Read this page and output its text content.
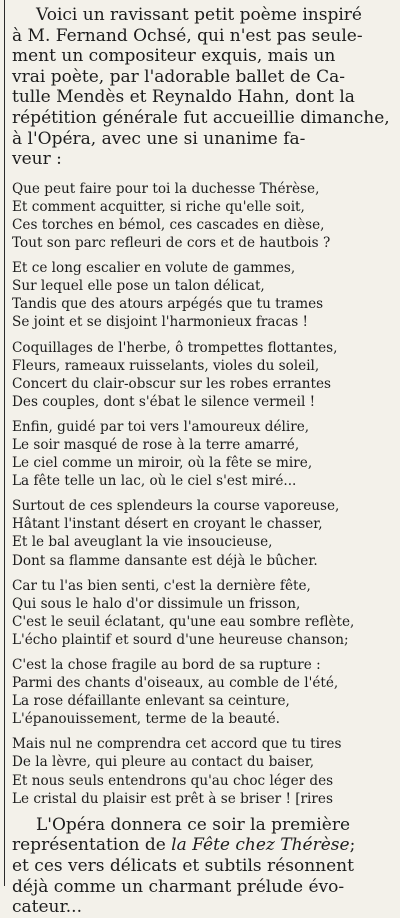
Voici un ravissant petit poème inspiré
à M. Fernand Ochsé, qui n'est pas seule-
ment un compositeur exquis, mais un
vrai poète, par l'adorable ballet de Ca-
tulle Mendès et Reynaldo Hahn, dont la
répétition générale fut accueillie dimanche,
à l'Opéra, avec une si unanime fa-
veur :

Que peut faire pour toi la duchesse Thérèse,
Et comment acquitter, si riche qu'elle soit,
Ces torches en bémol, ces cascades en dièse,
Tout son parc refleuri de cors et de hautbois ?
Et ce long escalier en volute de gammes,
Sur lequel elle pose un talon délicat,
Tandis que des atours arpégés que tu trames
Se joint et se disjoint l'harmonieux fracas !
Coquillages de l'herbe, ô trompettes flottantes,
Fleurs, rameaux ruisselants, violes du soleil,
Concert du clair-obscur sur les robes errantes
Des couples, dont s'ébat le silence vermeil !
Enfin, guidé par toi vers l'amoureux délire,
Le soir masqué de rose à la terre amarré,
Le ciel comme un miroir, où la fête se mire,
La fête telle un lac, où le ciel s'est miré...
Surtout de ces splendeurs la course vaporeuse,
Hâtant l'instant désert en croyant le chasser,
Et le bal aveuglant la vie insoucieuse,
Dont sa flamme dansante est déjà le bûcher.
Car tu l'as bien senti, c'est la dernière fête,
Qui sous le halo d'or dissimule un frisson,
C'est le seuil éclatant, qu'une eau sombre reflète,
L'écho plaintif et sourd d'une heureuse chanson;
C'est la chose fragile au bord de sa rupture :
Parmi des chants d'oiseaux, au comble de l'été,
La rose défaillante enlevant sa ceinture,
L'épanouissement, terme de la beauté.
Mais nul ne comprendra cet accord que tu tires
De la lèvre, qui pleure au contact du baiser,
Et nous seuls entendrons qu'au choc léger des
Le cristal du plaisir est prêt à se briser ! [rires

L'Opéra donnera ce soir la première
représentation de la Fête chez Thérèse;
et ces vers délicats et subtils résonnent
déjà comme un charmant prélude évo-
cateur...
